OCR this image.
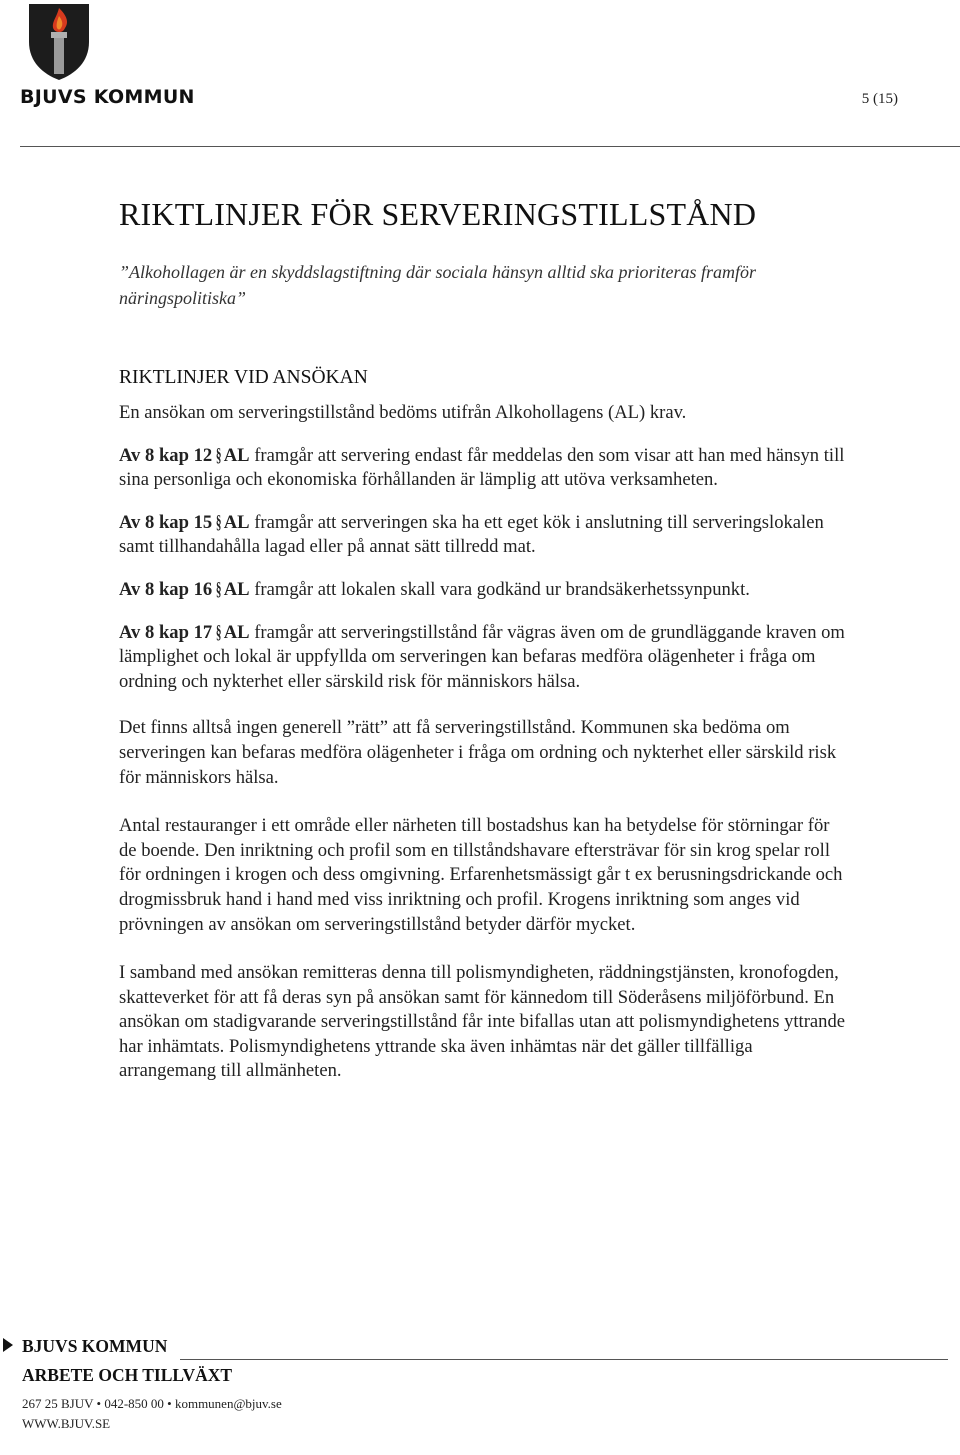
BJUVS KOMMUN	5 (15)
RIKTLINJER FÖR SERVERINGSTILLSTÅND
”Alkohollagen är en skyddslagstiftning där sociala hänsyn alltid ska prioriteras framför näringspolitiska”
RIKTLINJER VID ANSÖKAN

En ansökan om serveringstillstånd bedöms utifrån Alkohollagens (AL) krav.

Av 8 kap 12 § AL framgår att servering endast får meddelas den som visar att han med hänsyn till sina personliga och ekonomiska förhållanden är lämplig att utöva verksamheten.

Av 8 kap 15 § AL framgår att serveringen ska ha ett eget kök i anslutning till serveringslokalen samt tillhandahålla lagad eller på annat sätt tillredd mat.

Av 8 kap 16 § AL framgår att lokalen skall vara godkänd ur brandsäkerhetssynpunkt.

Av 8 kap 17 § AL framgår att serveringstillstånd får vägras även om de grundläggande kraven om lämplighet och lokal är uppfyllda om serveringen kan befaras medföra olägenheter i fråga om ordning och nykterhet eller särskild risk för människors hälsa.

Det finns alltså ingen generell ”rätt” att få serveringstillstånd. Kommunen ska bedöma om serveringen kan befaras medföra olägenheter i fråga om ordning och nykterhet eller särskild risk för människors hälsa.

Antal restauranger i ett område eller närheten till bostadshus kan ha betydelse för störningar för de boende. Den inriktning och profil som en tillståndshavare eftersträvar för sin krog spelar roll för ordningen i krogen och dess omgivning. Erfarenhetsmässigt går t ex berusningsdrickande och drogmissbruk hand i hand med viss inriktning och profil. Krogens inriktning som anges vid prövningen av ansökan om serveringstillstånd betyder därför mycket.

I samband med ansökan remitteras denna till polismyndigheten, räddningstjänsten, kronofogden, skatteverket för att få deras syn på ansökan samt för kännedom till Söderåsens miljöförbund. En ansökan om stadigvarande serveringstillstånd får inte bifallas utan att polismyndighetens yttrande har inhämtats. Polismyndighetens yttrande ska även inhämtas när det gäller tillfälliga arrangemang till allmänheten.

BJUVS KOMMUN
ARBETE OCH TILLVÄXT
267 25 BJUV • 042-850 00 • kommunen@bjuv.se
WWW.BJUV.SE
